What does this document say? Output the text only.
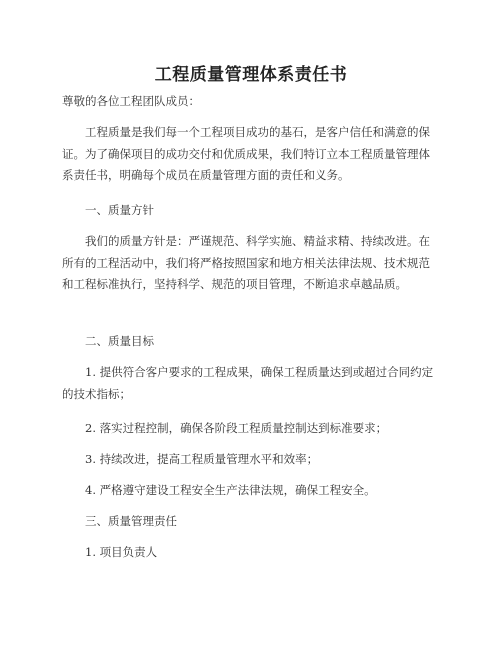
工程质量管理体系责任书

尊敬的各位工程团队成员：

工程质量是我们每一个工程项目成功的基石，是客户信任和满意的保证。为了确保项目的成功交付和优质成果，我们特订立本工程质量管理体系责任书，明确每个成员在质量管理方面的责任和义务。

一、质量方针

我们的质量方针是：严谨规范、科学实施、精益求精、持续改进。在所有的工程活动中，我们将严格按照国家和地方相关法律法规、技术规范和工程标准执行，坚持科学、规范的项目管理，不断追求卓越品质。

二、质量目标

1. 提供符合客户要求的工程成果，确保工程质量达到或超过合同约定的技术指标；

2. 落实过程控制，确保各阶段工程质量控制达到标准要求；

3. 持续改进，提高工程质量管理水平和效率；

4. 严格遵守建设工程安全生产法律法规，确保工程安全。

三、质量管理责任

1. 项目负责人
